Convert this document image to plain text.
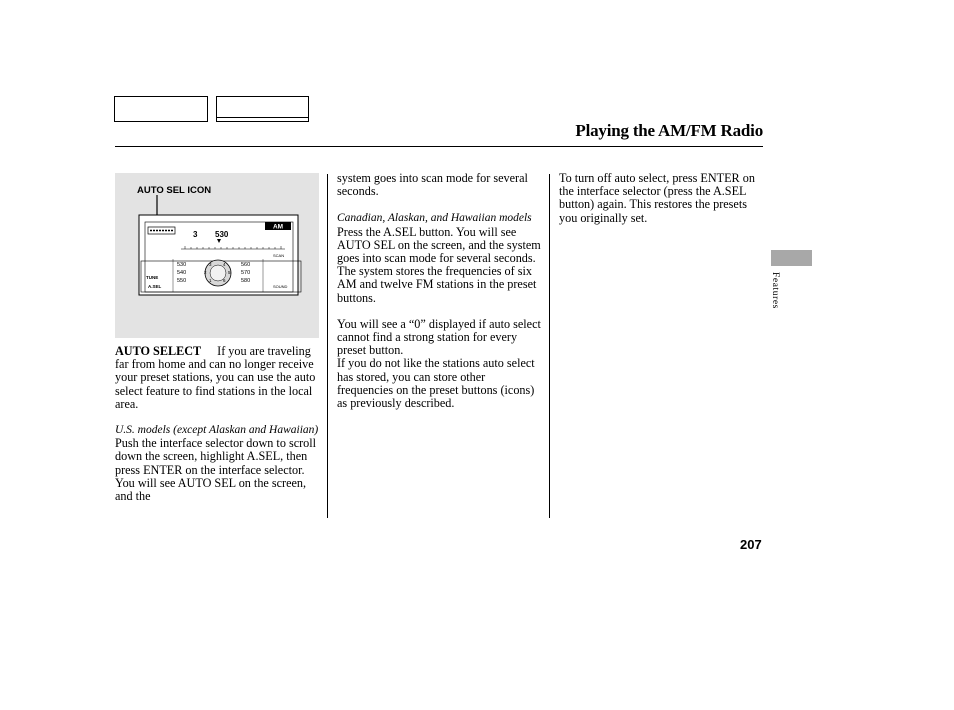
Playing the AM/FM Radio
AUTO SEL ICON
AM
3 530
530
540
550
3
2
1
4
5
6
560
570
580
TUNE
A.SEL
SCAN
SOUND

AUTO SELECT If you are traveling far from home and can no longer receive your preset stations, you can use the auto select feature to find stations in the local area.

U.S. models (except Alaskan and Hawaiian)

Push the interface selector down to scroll down the screen, highlight A.SEL, then press ENTER on the interface selector. You will see AUTO SEL on the screen, and the

system goes into scan mode for several seconds.

Canadian, Alaskan, and Hawaiian models

Press the A.SEL button. You will see AUTO SEL on the screen, and the system goes into scan mode for several seconds. The system stores the frequencies of six AM and twelve FM stations in the preset buttons.

You will see a “0” displayed if auto select cannot find a strong station for every preset button.

If you do not like the stations auto select has stored, you can store other frequencies on the preset buttons (icons) as previously described.

To turn off auto select, press ENTER on the interface selector (press the A.SEL button) again. This restores the presets you originally set.

Features
207
